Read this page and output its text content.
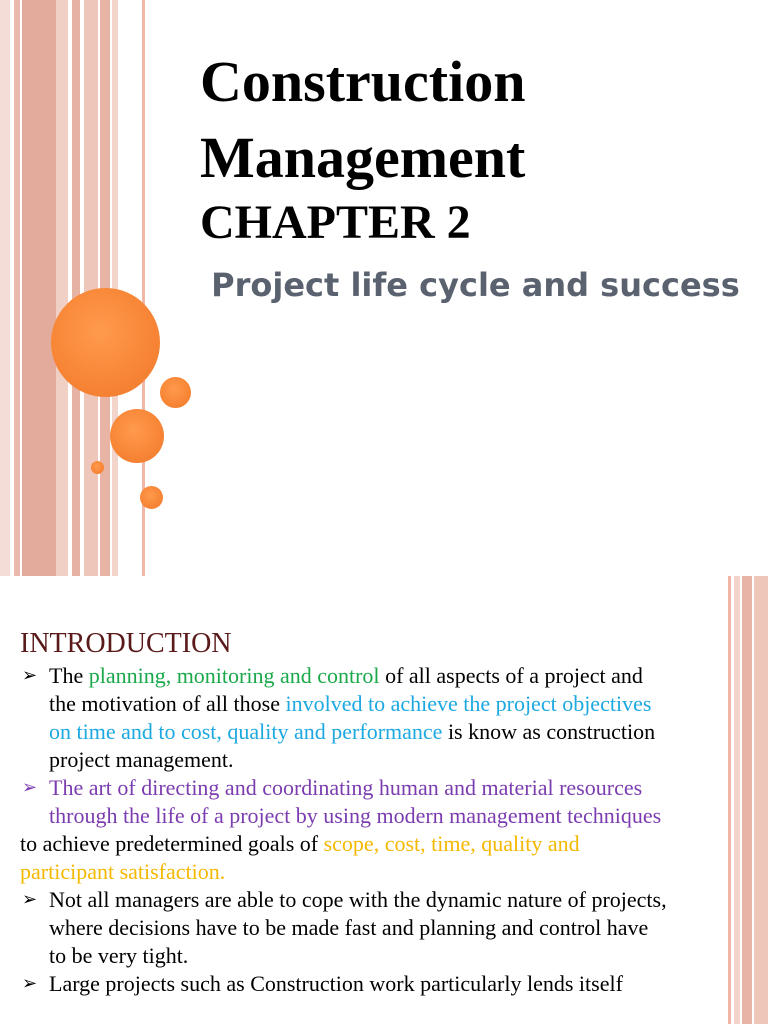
Construction
Management
CHAPTER 2
Project life cycle and success
INTRODUCTION
➢ The planning, monitoring and control of all aspects of a project and the motivation of all those involved to achieve the project objectives on time and to cost, quality and performance is know as construction project management.
➢ The art of directing and coordinating human and material resources through the life of a project by using modern management techniques
to achieve predetermined goals of scope, cost, time, quality and participant satisfaction.
➢ Not all managers are able to cope with the dynamic nature of projects, where decisions have to be made fast and planning and control have to be very tight.
➢ Large projects such as Construction work particularly lends itself
